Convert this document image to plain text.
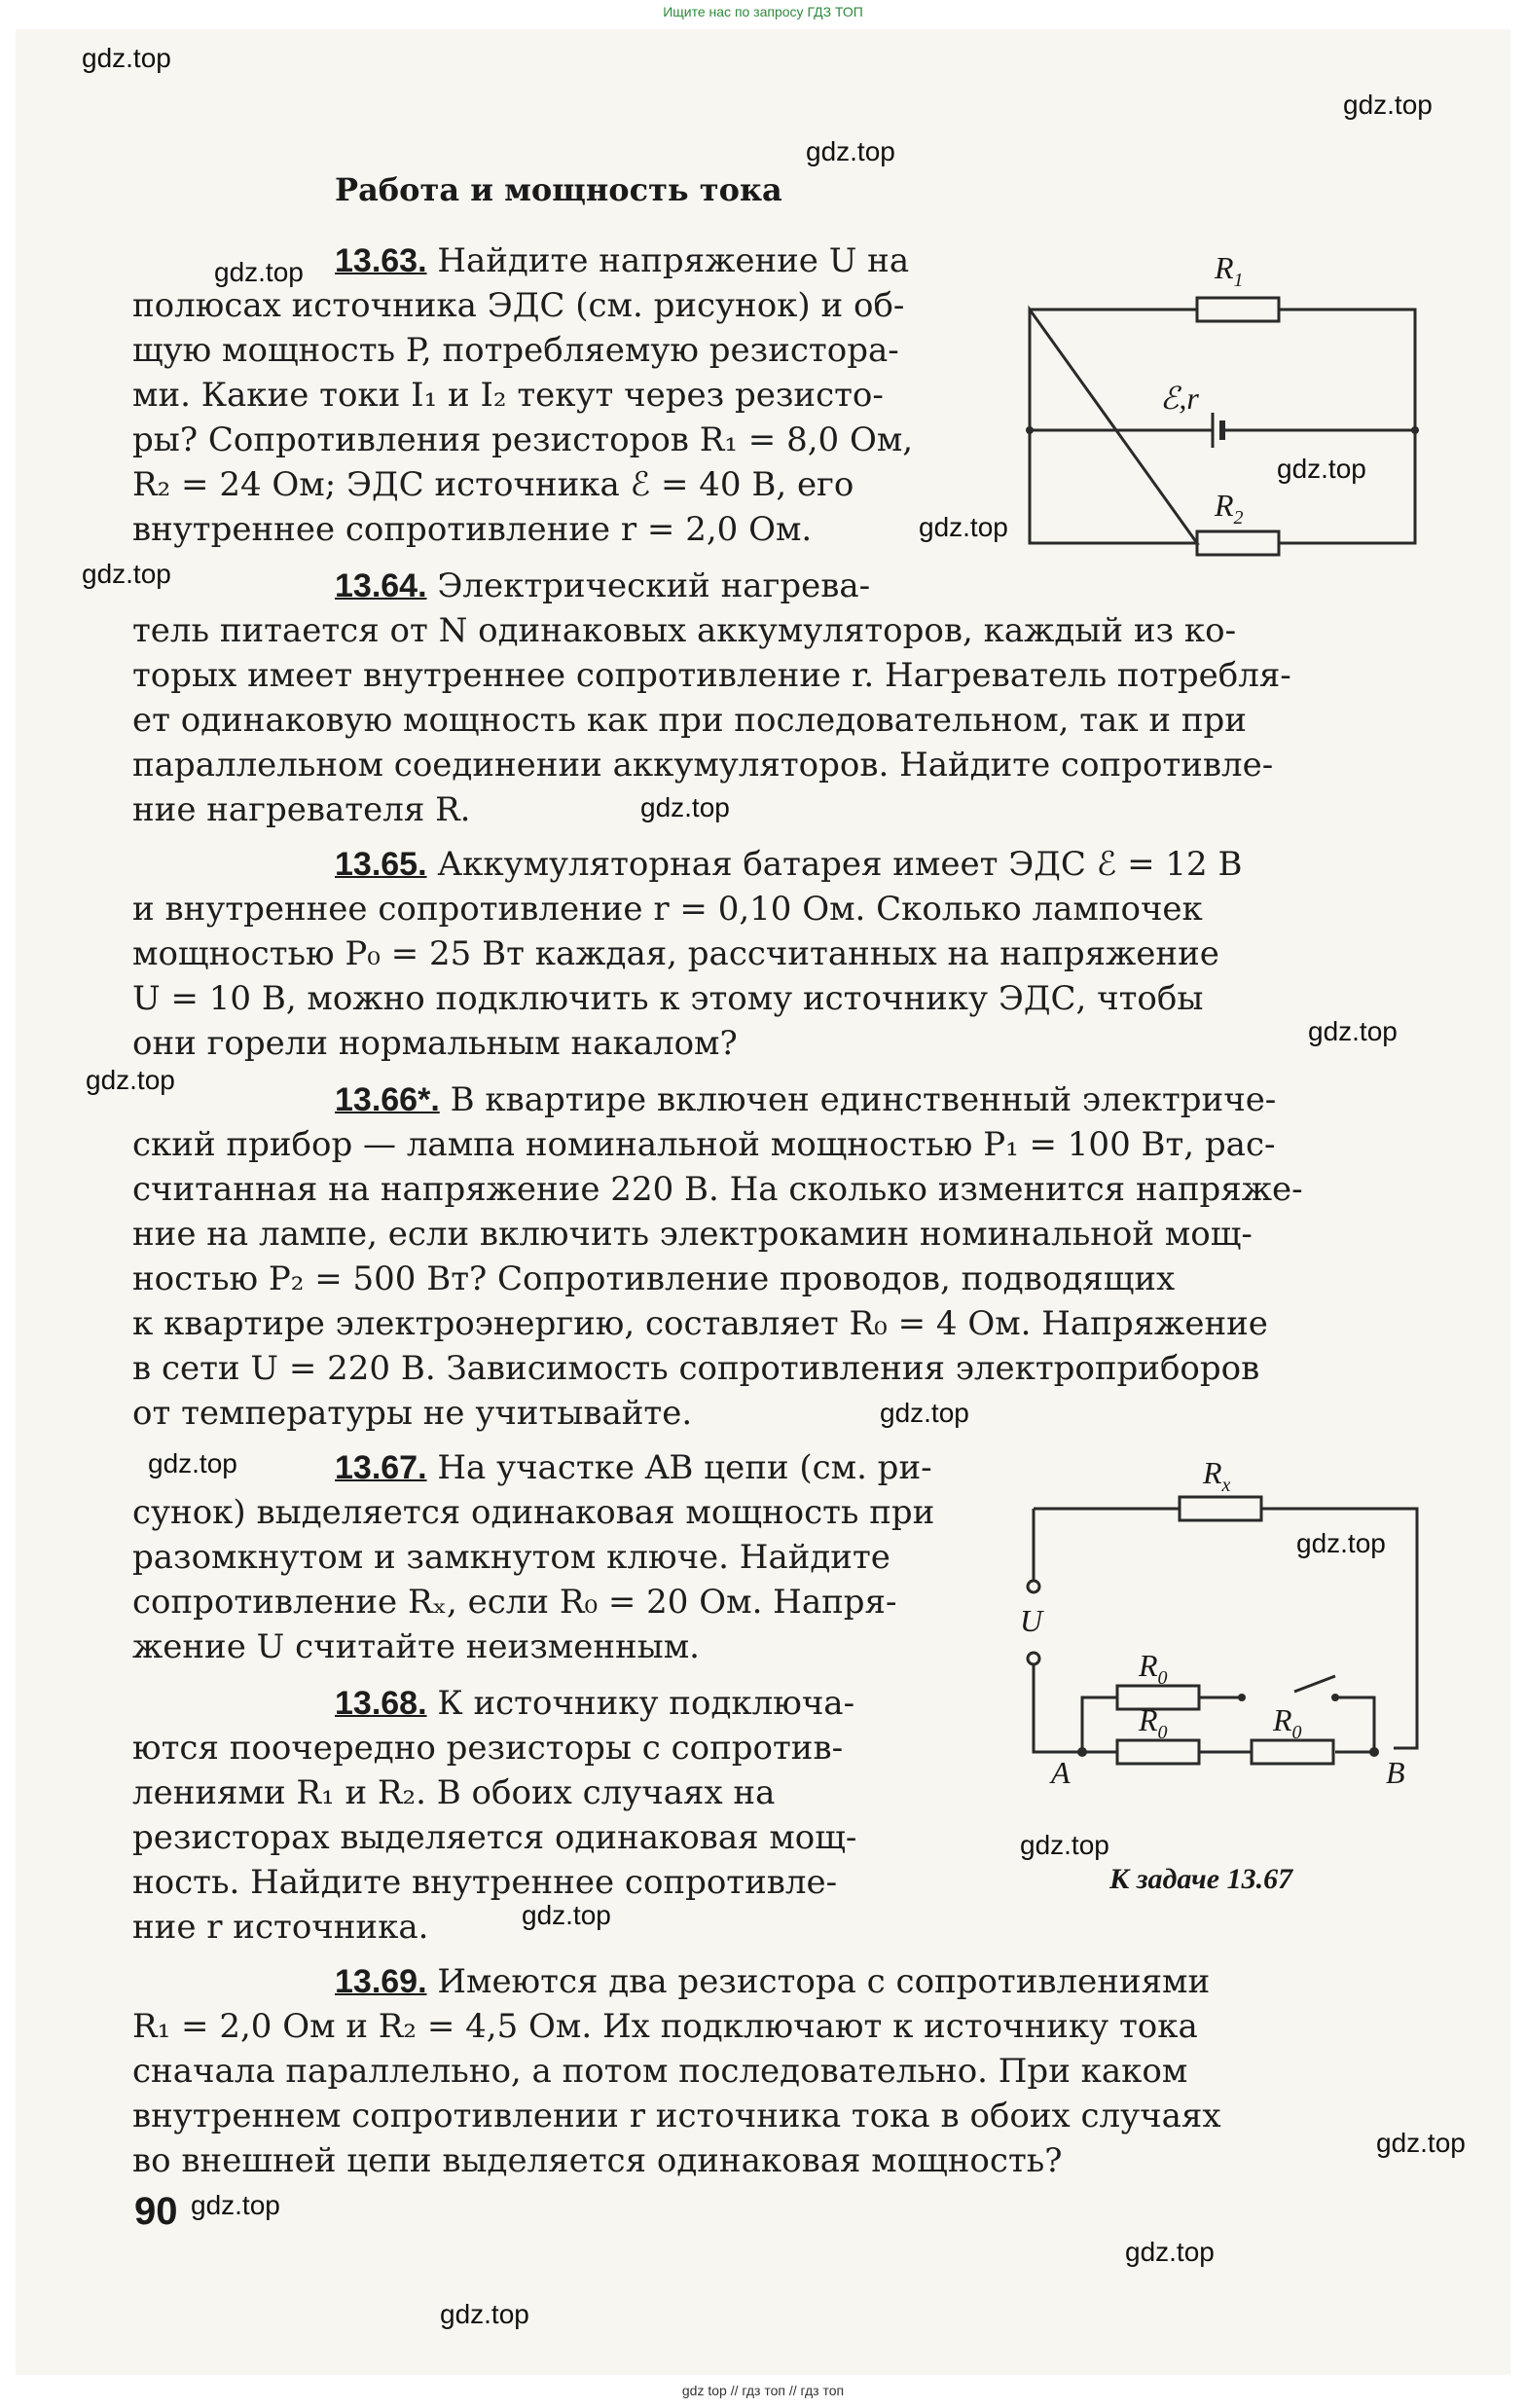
Ищите нас по запросу ГДЗ ТОП
Работа и мощность тока
13.63. Найдите напряжение U на
полюсах источника ЭДС (см. рисунок) и об-
щую мощность P, потребляемую резистора-
ми. Какие токи I₁ и I₂ текут через резисто-
ры? Сопротивления резисторов R₁ = 8,0 Ом,
R₂ = 24 Ом; ЭДС источника ℰ = 40 В, его
внутреннее сопротивление r = 2,0 Ом.
13.64. Электрический нагрева-
тель питается от N одинаковых аккумуляторов, каждый из ко-
торых имеет внутреннее сопротивление r. Нагреватель потребля-
ет одинаковую мощность как при последовательном, так и при
параллельном соединении аккумуляторов. Найдите сопротивле-
ние нагревателя R.
13.65. Аккумуляторная батарея имеет ЭДС ℰ = 12 В
и внутреннее сопротивление r = 0,10 Ом. Сколько лампочек
мощностью P₀ = 25 Вт каждая, рассчитанных на напряжение
U = 10 В, можно подключить к этому источнику ЭДС, чтобы
они горели нормальным накалом?
13.66*. В квартире включен единственный электриче-
ский прибор — лампа номинальной мощностью P₁ = 100 Вт, рас-
считанная на напряжение 220 В. На сколько изменится напряже-
ние на лампе, если включить электрокамин номинальной мощ-
ностью P₂ = 500 Вт? Сопротивление проводов, подводящих
к квартире электроэнергию, составляет R₀ = 4 Ом. Напряжение
в сети U = 220 В. Зависимость сопротивления электроприборов
от температуры не учитывайте.
13.67. На участке AB цепи (см. ри-
сунок) выделяется одинаковая мощность при
разомкнутом и замкнутом ключе. Найдите
сопротивление Rₓ, если R₀ = 20 Ом. Напря-
жение U считайте неизменным.
13.68. К источнику подключа-
ются поочередно резисторы с сопротив-
лениями R₁ и R₂. В обоих случаях на
резисторах выделяется одинаковая мощ-
ность. Найдите внутреннее сопротивле-
ние r источника.
13.69. Имеются два резистора с сопротивлениями
R₁ = 2,0 Ом и R₂ = 4,5 Ом. Их подключают к источнику тока
сначала параллельно, а потом последовательно. При каком
внутреннем сопротивлении r источника тока в обоих случаях
во внешней цепи выделяется одинаковая мощность?
$R_1$
$R_2$
ℰ,r
$R_x$
U
$R_0$
$R_0$	$R_0$
A	B
К задаче 13.67
90
gdz.top
gdz.top
gdz.top
gdz.top
gdz.top
gdz.top
gdz.top
gdz.top
gdz.top
gdz.top
gdz.top
gdz.top
gdz.top
gdz.top
gdz.top
gdz.top
gdz.top
gdz.top
gdz.top
gdz top // гдз топ // гдз топ
